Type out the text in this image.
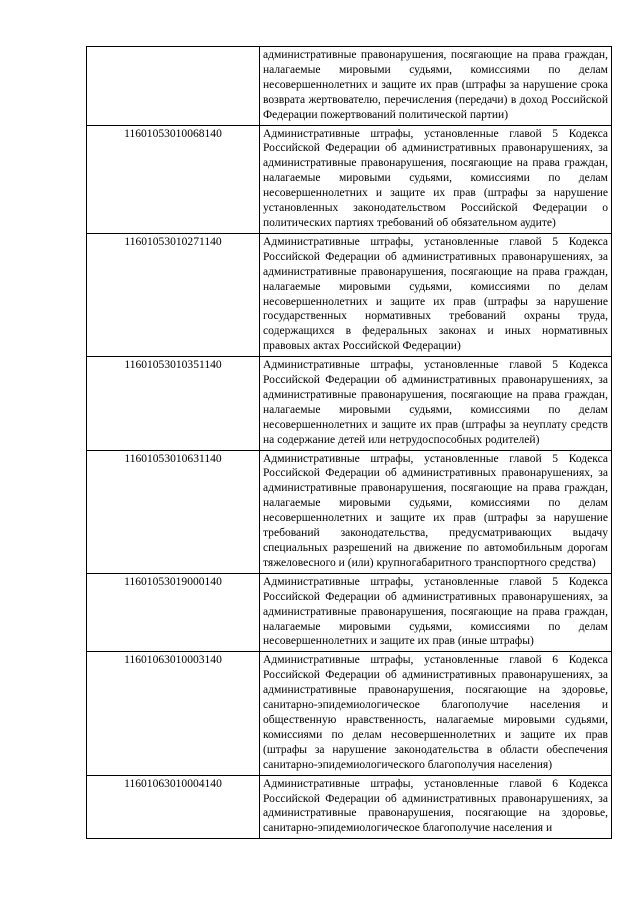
	административные правонарушения, посягающие на права граждан, налагаемые мировыми судьями, комиссиями по делам несовершеннолетних и защите их прав (штрафы за нарушение срока возврата жертвователю, перечисления (передачи) в доход Российской Федерации пожертвований политической партии)
11601053010068140	Административные штрафы, установленные главой 5 Кодекса Российской Федерации об административных правонарушениях, за административные правонарушения, посягающие на права граждан, налагаемые мировыми судьями, комиссиями по делам несовершеннолетних и защите их прав (штрафы за нарушение установленных законодательством Российской Федерации о политических партиях требований об обязательном аудите)
11601053010271140	Административные штрафы, установленные главой 5 Кодекса Российской Федерации об административных правонарушениях, за административные правонарушения, посягающие на права граждан, налагаемые мировыми судьями, комиссиями по делам несовершеннолетних и защите их прав (штрафы за нарушение государственных нормативных требований охраны труда, содержащихся в федеральных законах и иных нормативных правовых актах Российской Федерации)
11601053010351140	Административные штрафы, установленные главой 5 Кодекса Российской Федерации об административных правонарушениях, за административные правонарушения, посягающие на права граждан, налагаемые мировыми судьями, комиссиями по делам несовершеннолетних и защите их прав (штрафы за неуплату средств на содержание детей или нетрудоспособных родителей)
11601053010631140	Административные штрафы, установленные главой 5 Кодекса Российской Федерации об административных правонарушениях, за административные правонарушения, посягающие на права граждан, налагаемые мировыми судьями, комиссиями по делам несовершеннолетних и защите их прав (штрафы за нарушение требований законодательства, предусматривающих выдачу специальных разрешений на движение по автомобильным дорогам тяжеловесного и (или) крупногабаритного транспортного средства)
11601053019000140	Административные штрафы, установленные главой 5 Кодекса Российской Федерации об административных правонарушениях, за административные правонарушения, посягающие на права граждан, налагаемые мировыми судьями, комиссиями по делам несовершеннолетних и защите их прав (иные штрафы)
11601063010003140	Административные штрафы, установленные главой 6 Кодекса Российской Федерации об административных правонарушениях, за административные правонарушения, посягающие на здоровье, санитарно-эпидемиологическое благополучие населения и общественную нравственность, налагаемые мировыми судьями, комиссиями по делам несовершеннолетних и защите их прав (штрафы за нарушение законодательства в области обеспечения санитарно-эпидемиологического благополучия населения)
11601063010004140	Административные штрафы, установленные главой 6 Кодекса Российской Федерации об административных правонарушениях, за административные правонарушения, посягающие на здоровье, санитарно-эпидемиологическое благополучие населения и
